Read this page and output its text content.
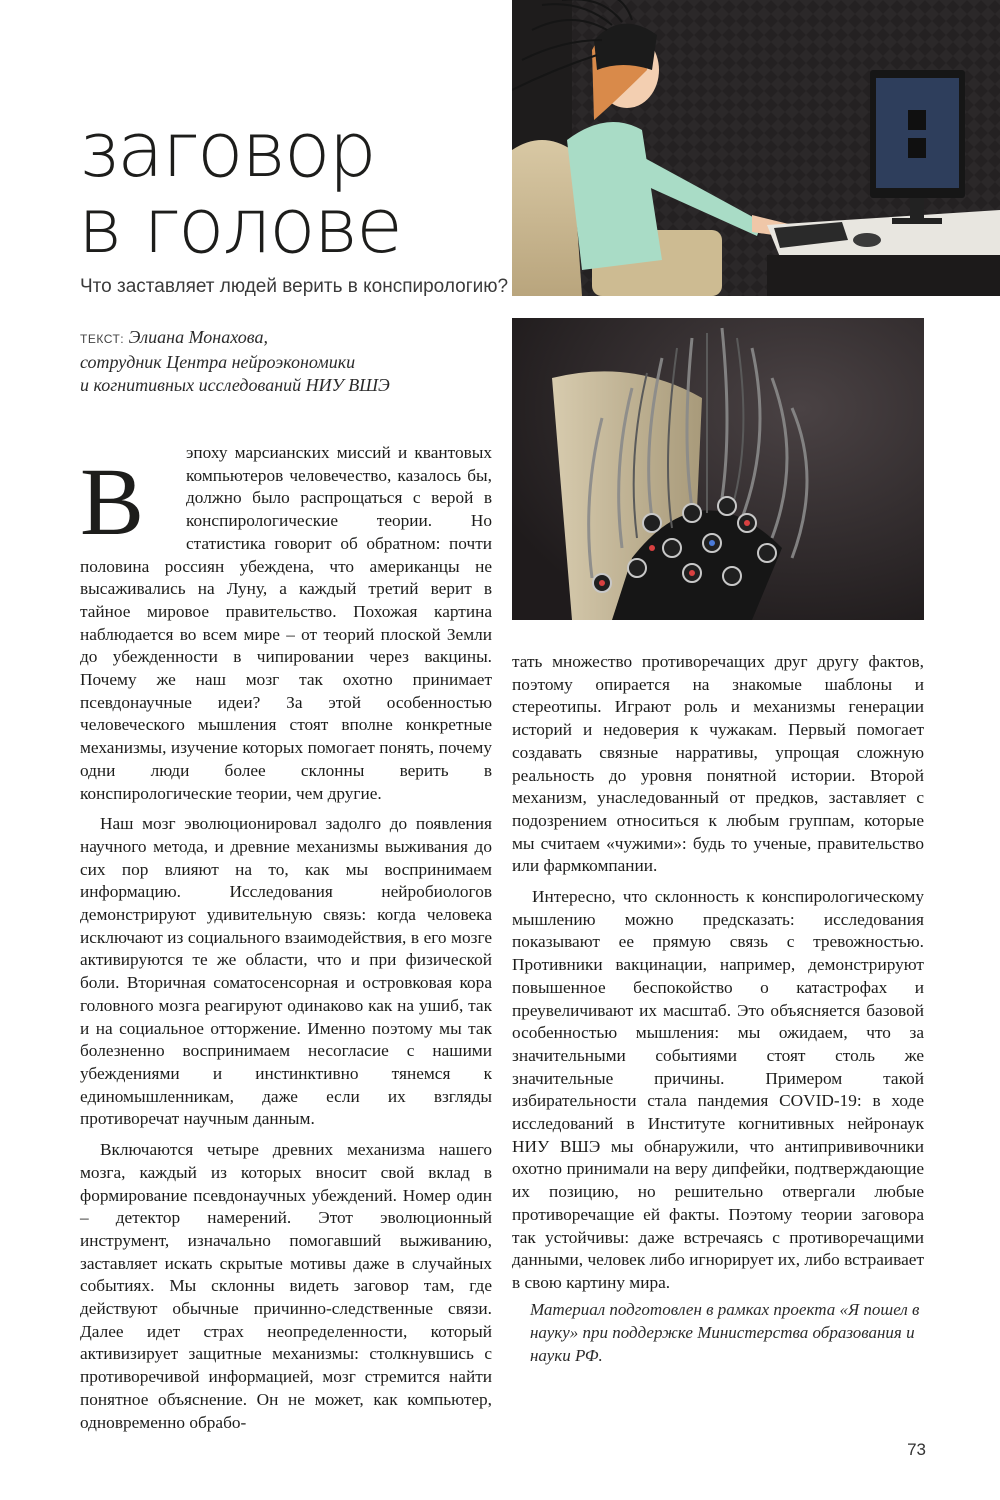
заговор
в голове
Что заставляет людей верить в конспирологию?
ТЕКСТ: Элиана Монахова,
сотрудник Центра нейроэкономики
и когнитивных исследований НИУ ВШЭ

В	эпоху марсианских миссий и квантовых компьютеров человечество, казалось бы, должно было распрощаться с верой в конспирологические теории. Но статистика говорит об обратном: почти половина россиян убеждена, что американцы не высаживались на Луну, а каждый третий верит в тайное мировое правительство. Похожая картина наблюдается во всем мире – от теорий плоской Земли до убежденности в чипировании через вакцины. Почему же наш мозг так охотно принимает псевдонаучные идеи? За этой особенностью человеческого мышления стоят вполне конкретные механизмы, изучение которых помогает понять, почему одни люди более склонны верить в конспирологические теории, чем другие.

Наш мозг эволюционировал задолго до появления научного метода, и древние механизмы выживания до сих пор влияют на то, как мы воспринимаем информацию. Исследования нейробиологов демонстрируют удивительную связь: когда человека исключают из социального взаимодействия, в его мозге активируются те же области, что и при физической боли. Вторичная соматосенсорная и островковая кора головного мозга реагируют одинаково как на ушиб, так и на социальное отторжение. Именно поэтому мы так болезненно воспринимаем несогласие с нашими убеждениями и инстинктивно тянемся к единомышленникам, даже если их взгляды противоречат научным данным.

Включаются четыре древних механизма нашего мозга, каждый из которых вносит свой вклад в формирование псевдонаучных убеждений. Номер один – детектор намерений. Этот эволюционный инструмент, изначально помогавший выживанию, заставляет искать скрытые мотивы даже в случайных событиях. Мы склонны видеть заговор там, где действуют обычные причинно-следственные связи. Далее идет страх неопределенности, который активизирует защитные механизмы: столкнувшись с противоречивой информацией, мозг стремится найти понятное объяснение. Он не может, как компьютер, одновременно обрабо-

тать множество противоречащих друг другу фактов, поэтому опирается на знакомые шаблоны и стереотипы. Играют роль и механизмы генерации историй и недоверия к чужакам. Первый помогает создавать связные нарративы, упрощая сложную реальность до уровня понятной истории. Второй механизм, унаследованный от предков, заставляет с подозрением относиться к любым группам, которые мы считаем «чужими»: будь то ученые, правительство или фармкомпании.

Интересно, что склонность к конспирологическому мышлению можно предсказать: исследования показывают ее прямую связь с тревожностью. Противники вакцинации, например, демонстрируют повышенное беспокойство о катастрофах и преувеличивают их масштаб. Это объясняется базовой особенностью мышления: мы ожидаем, что за значительными событиями стоят столь же значительные причины. Примером такой избирательности стала пандемия COVID-19: в ходе исследований в Институте когнитивных нейронаук НИУ ВШЭ мы обнаружили, что антипрививочники охотно принимали на веру дипфейки, подтверждающие их позицию, но решительно отвергали любые противоречащие ей факты. Поэтому теории заговора так устойчивы: даже встречаясь с противоречащими данными, человек либо игнорирует их, либо встраивает в свою картину мира.

Материал подготовлен в рамках проекта «Я пошел в науку» при поддержке Министерства образования и науки РФ.
73
